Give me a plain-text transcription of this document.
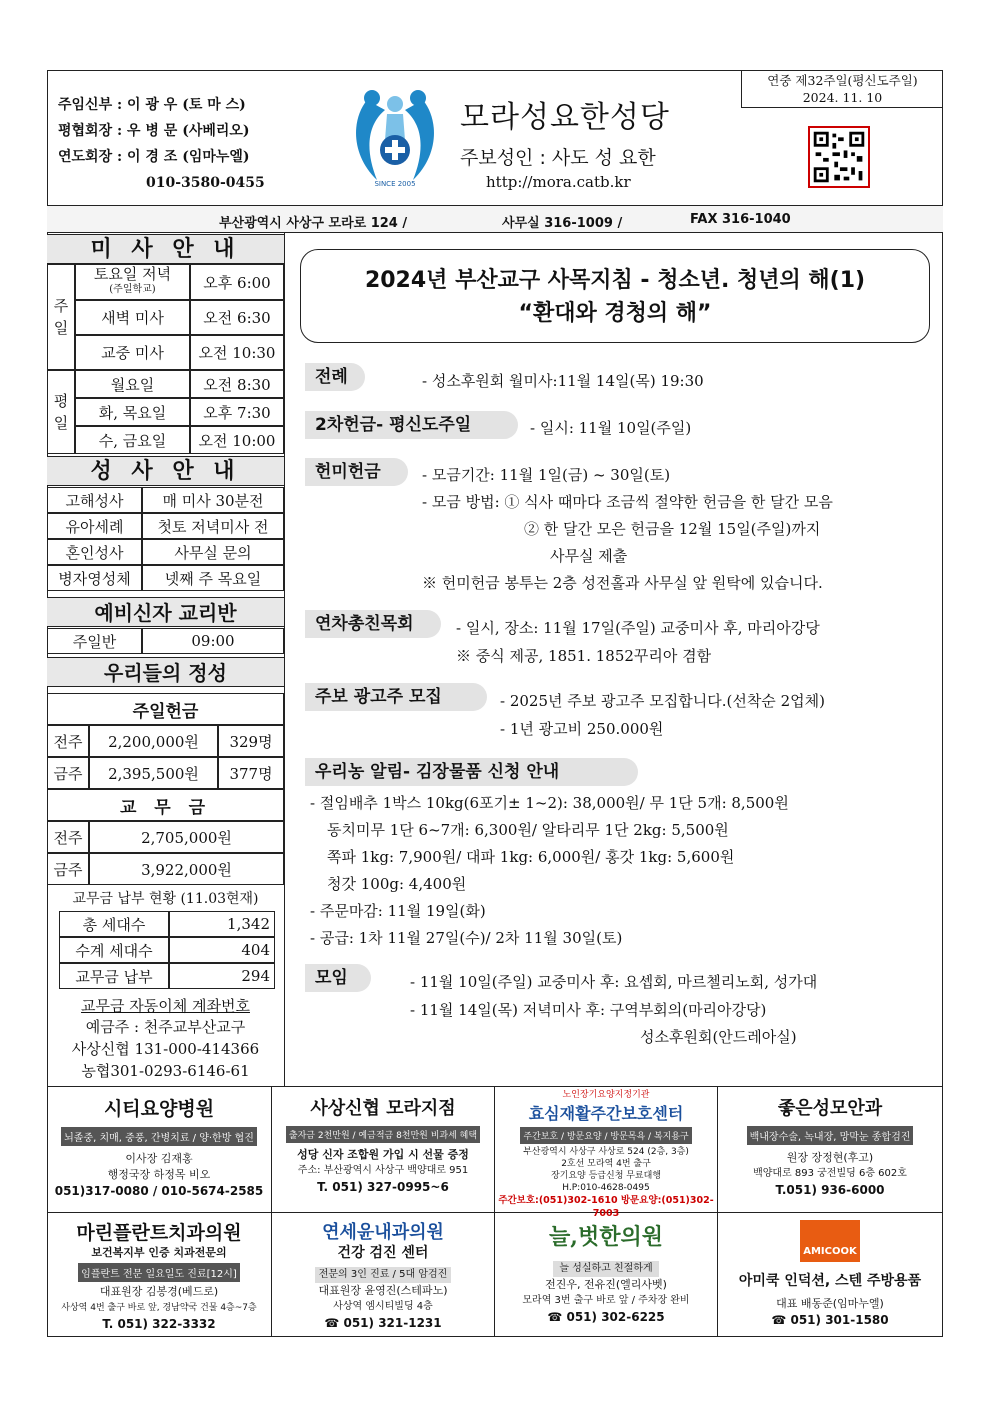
주임신부 : 이 광 우 (토 마 스)
평협회장 : 우 병 문 (사베리오)
연도회장 : 이 경 조 (임마누엘)
010-3580-0455	SINCE 2005
모라성요한성당
주보성인 : 사도 성 요한
http://mora.catb.kr
연중 제32주일(평신도주일)
2024. 11. 10
부산광역시 사상구 모라로 124 /	사무실 316-1009 /	FAX 316-1040
미 사 안 내
주일
토요일 저녁
(주일학교)	오후 6:00
새벽 미사	오전 6:30
교중 미사	오전 10:30
평일
월요일	오전 8:30
화, 목요일	오후 7:30
수, 금요일	오전 10:00
성 사 안 내
고해성사	매 미사 30분전
유아세례	첫토 저녁미사 전
혼인성사	사무실 문의
병자영성체	넷째 주 목요일
예비신자 교리반
주일반	09:00
우리들의 정성
주일헌금
전주	2,200,000원	329명
금주	2,395,500원	377명
교 무 금
전주	2,705,000원
금주	3,922,000원
교무금 납부 현황 (11.03현재)
총 세대수	1,342
수계 세대수	404
교무금 납부	294
교무금 자동이체 계좌번호
예금주 : 천주교부산교구
사상신협 131-000-414366
농협301-0293-6146-61
2024년 부산교구 사목지침 - 청소년. 청년의 해(1)
“환대와 경청의 해”
전례	- 성소후원회 월미사:11월 14일(목) 19:30
2차헌금- 평신도주일	- 일시: 11월 10일(주일)
헌미헌금	- 모금기간: 11월 1일(금) ~ 30일(토)
- 모금 방법: ① 식사 때마다 조금씩 절약한 헌금을 한 달간 모음
② 한 달간 모은 헌금을 12월 15일(주일)까지
사무실 제출
※ 헌미헌금 봉투는 2층 성전홀과 사무실 앞 원탁에 있습니다.
연차총친목회	- 일시, 장소: 11월 17일(주일) 교중미사 후, 마리아강당
※ 중식 제공, 1851. 1852꾸리아 겸함
주보 광고주 모집	- 2025년 주보 광고주 모집합니다.(선착순 2업체)
- 1년 광고비 250.000원
우리농 알림- 김장물품 신청 안내
- 절임배추 1박스 10kg(6포기± 1~2): 38,000원/ 무 1단 5개: 8,500원
동치미무 1단 6~7개: 6,300원/ 알타리무 1단 2kg: 5,500원
쪽파 1kg: 7,900원/ 대파 1kg: 6,000원/ 홍갓 1kg: 5,600원
청갓 100g: 4,400원
- 주문마감: 11월 19일(화)
- 공급: 1차 11월 27일(수)/ 2차 11월 30일(토)
모임	- 11월 10일(주일) 교중미사 후: 요셉회, 마르첼리노회, 성가대
- 11월 14일(목) 저녁미사 후: 구역부회의(마리아강당)
성소후원회(안드레아실)
시티요양병원
뇌졸중, 치매, 중풍, 간병치료 / 양·한방 협진
이사장 김재홍
행정국장 하정목 비오
051)317-0080 / 010-5674-2585
사상신협 모라지점
출자금 2천만원 / 예금적금 8천만원 비과세 혜택
성당 신자 조합원 가입 시 선물 증정
주소: 부산광역시 사상구 백양대로 951
T. 051) 327-0995~6
노인장기요양지정기관
효심재활주간보호센터
주간보호 / 방문요양 / 방문목욕 / 복지용구
부산광역시 사상구 사상로 524 (2층, 3층)
2호선 모라역 4번 출구
장기요양 등급신청 무료대행
H.P:010-4628-0495
주간보호:(051)302-1610 방문요양:(051)302-7003
좋은성모안과
백내장수술, 녹내장, 망막눈 종합검진
원장 장정현(후고)
백양대로 893 궁전빌딩 6층 602호
T.051) 936-6000
마린플란트치과의원
보건복지부 인증 치과전문의
임플란트 전문 일요일도 진료[12시]
대표원장 김봉경(베드로)
사상역 4번 출구 바로 앞, 경남약국 건물 4층~7층
T. 051) 322-3332
연세윤내과의원
건강 검진 센터
전문의 3인 진료 / 5대 암검진
대표원장 윤영진(스테파노)
사상역 엠시티빌딩 4층
☎ 051) 321-1231
늘,벗한의원
늘 성실하고 친절하게
전진우, 전유진(엘리사벳)
모라역 3번 출구 바로 앞 / 주차장 완비
☎ 051) 302-6225
AMICOOK
아미쿡 인덕션, 스텐 주방용품
대표 배동준(임마누엘)
☎ 051) 301-1580
